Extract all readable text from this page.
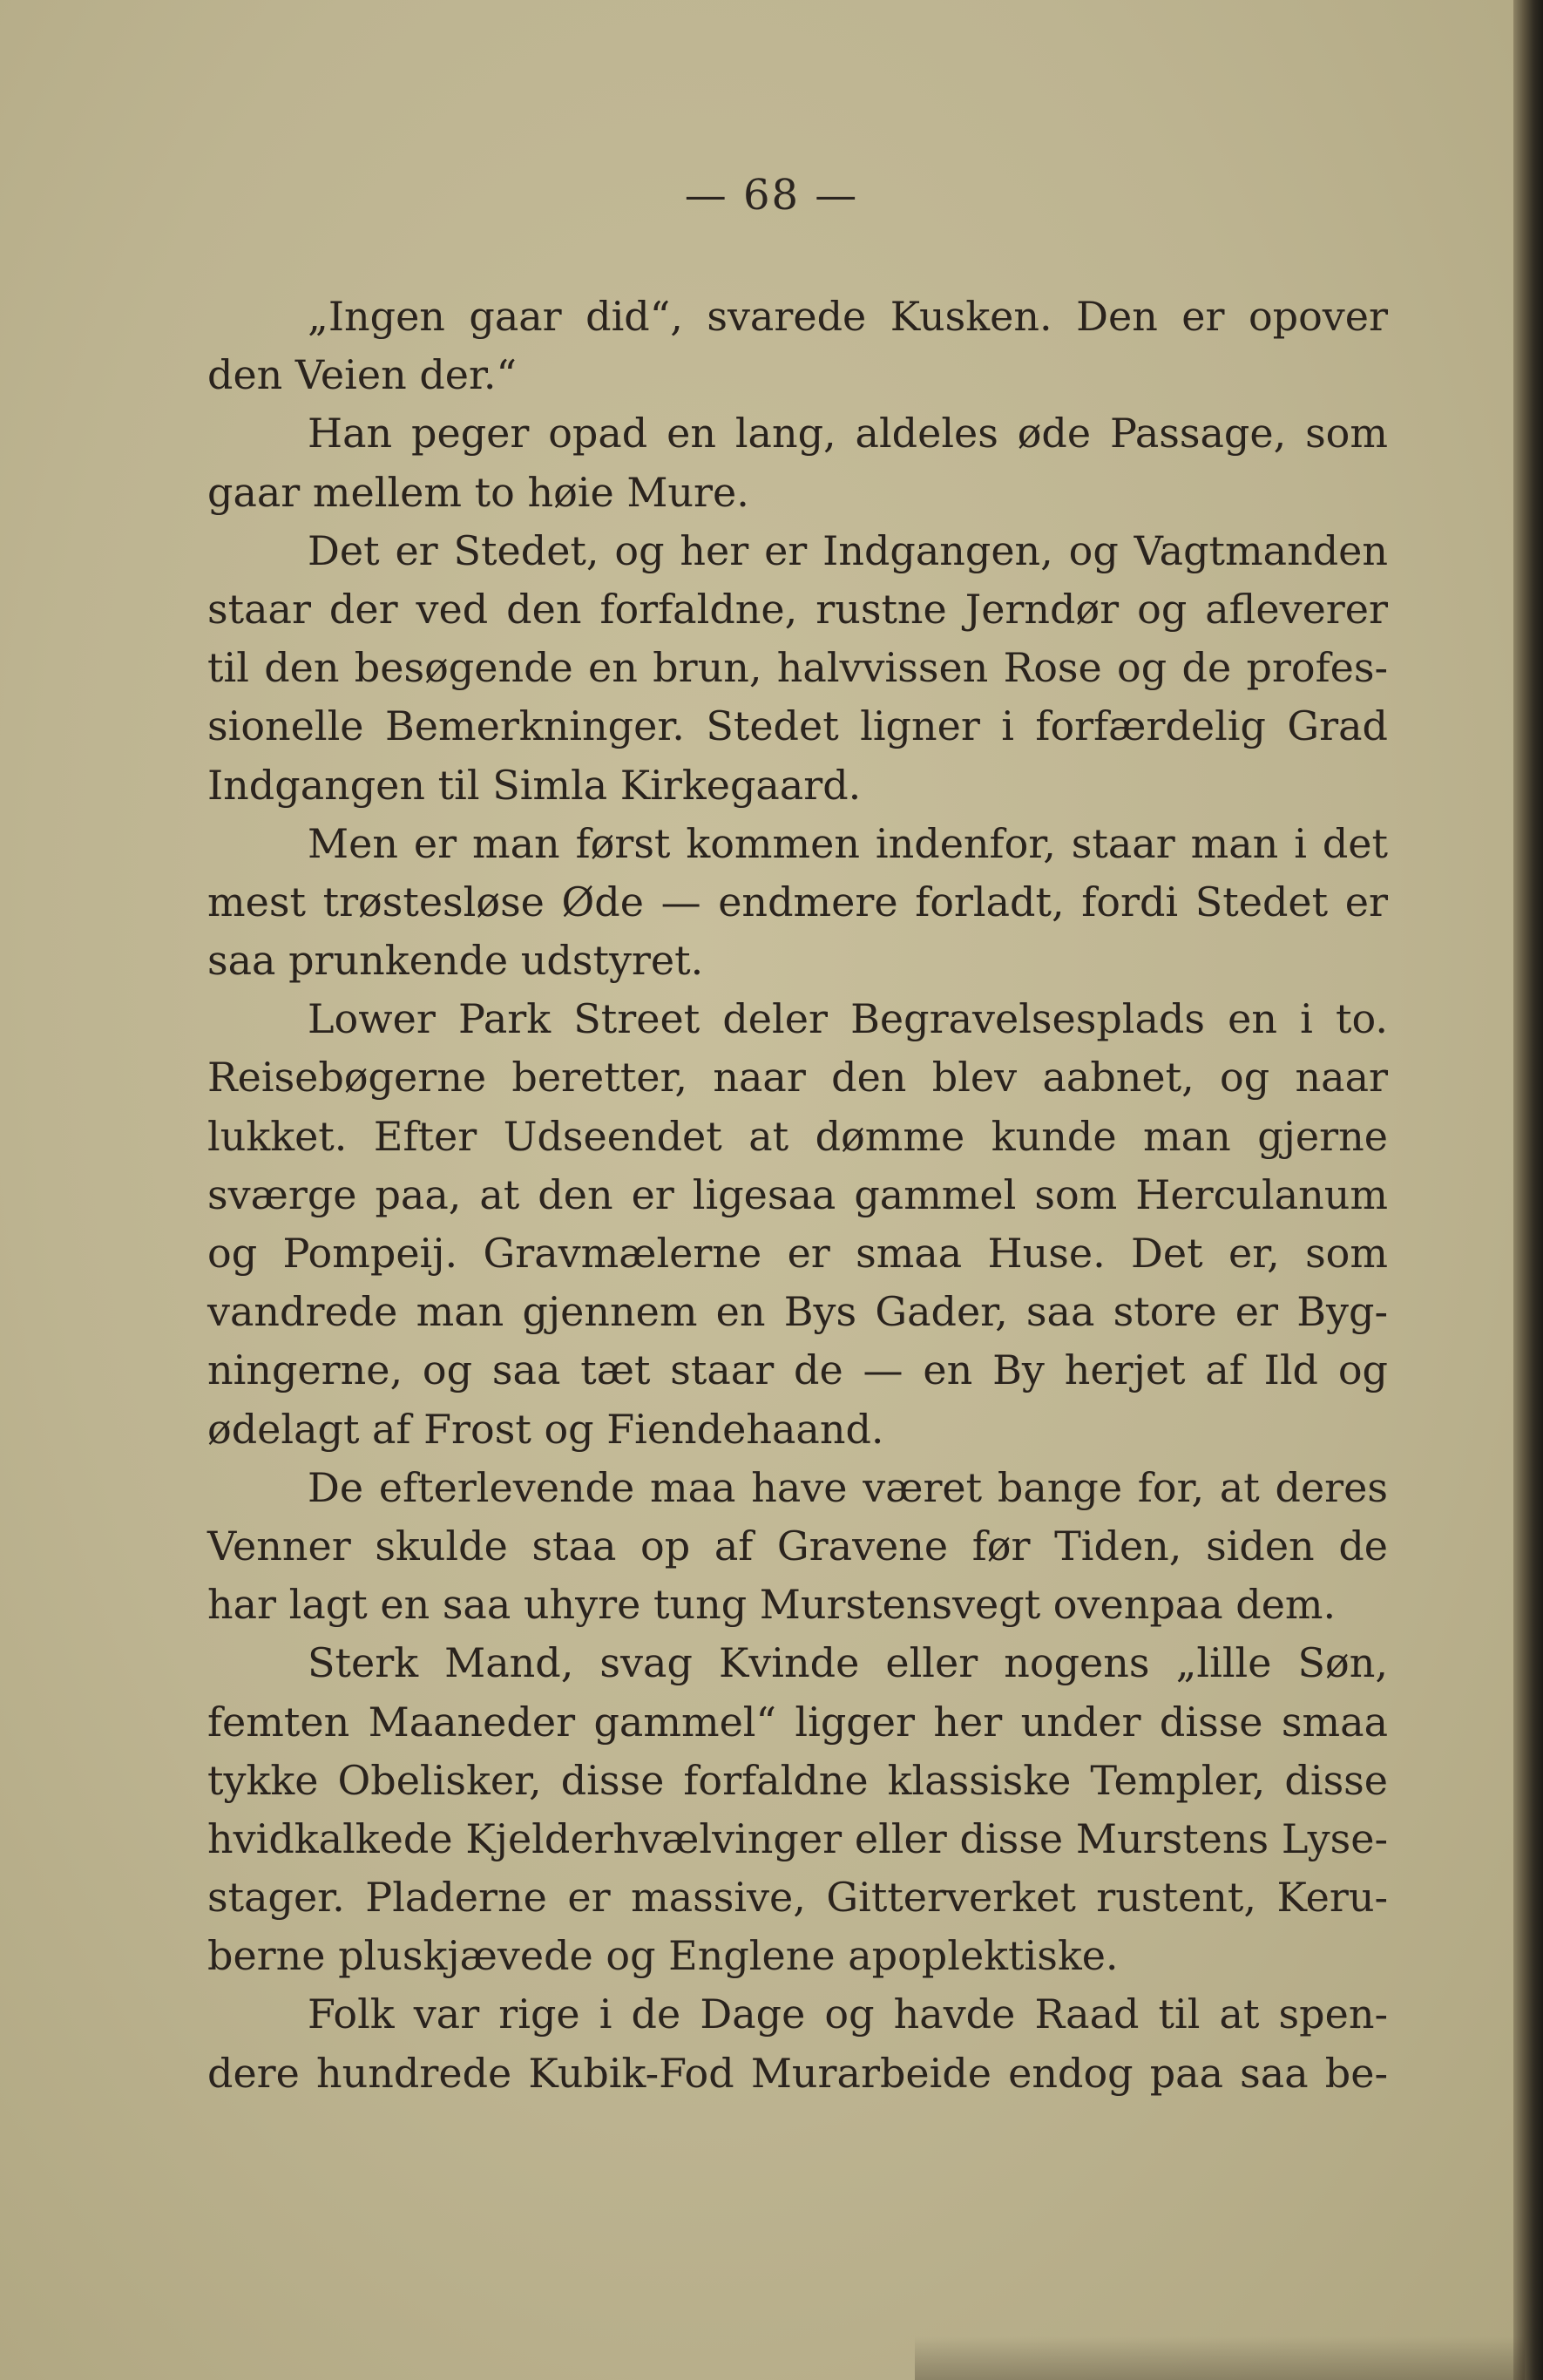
— 68 —
„Ingen gaar did“, svarede Kusken. Den er opover
den Veien der.“
Han peger opad en lang, aldeles øde Passage, som
gaar mellem to høie Mure.
Det er Stedet, og her er Indgangen, og Vagtmanden
staar der ved den forfaldne, rustne Jerndør og afleverer
til den besøgende en brun, halvvissen Rose og de profes-
sionelle Bemerkninger. Stedet ligner i forfærdelig Grad
Indgangen til Simla Kirkegaard.
Men er man først kommen indenfor, staar man i det
mest trøstesløse Øde — endmere forladt, fordi Stedet er
saa prunkende udstyret.
Lower Park Street deler Begravelsesplads en i to.
Reisebøgerne beretter, naar den blev aabnet, og naar
lukket. Efter Udseendet at dømme kunde man gjerne
sværge paa, at den er ligesaa gammel som Herculanum
og Pompeij. Gravmælerne er smaa Huse. Det er, som
vandrede man gjennem en Bys Gader, saa store er Byg-
ningerne, og saa tæt staar de — en By herjet af Ild og
ødelagt af Frost og Fiendehaand.
De efterlevende maa have været bange for, at deres
Venner skulde staa op af Gravene før Tiden, siden de
har lagt en saa uhyre tung Murstensvegt ovenpaa dem.
Sterk Mand, svag Kvinde eller nogens „lille Søn,
femten Maaneder gammel“ ligger her under disse smaa
tykke Obelisker, disse forfaldne klassiske Templer, disse
hvidkalkede Kjelderhvælvinger eller disse Murstens Lyse-
stager. Pladerne er massive, Gitterverket rustent, Keru-
berne pluskjævede og Englene apoplektiske.
Folk var rige i de Dage og havde Raad til at spen-
dere hundrede Kubik-Fod Murarbeide endog paa saa be-
